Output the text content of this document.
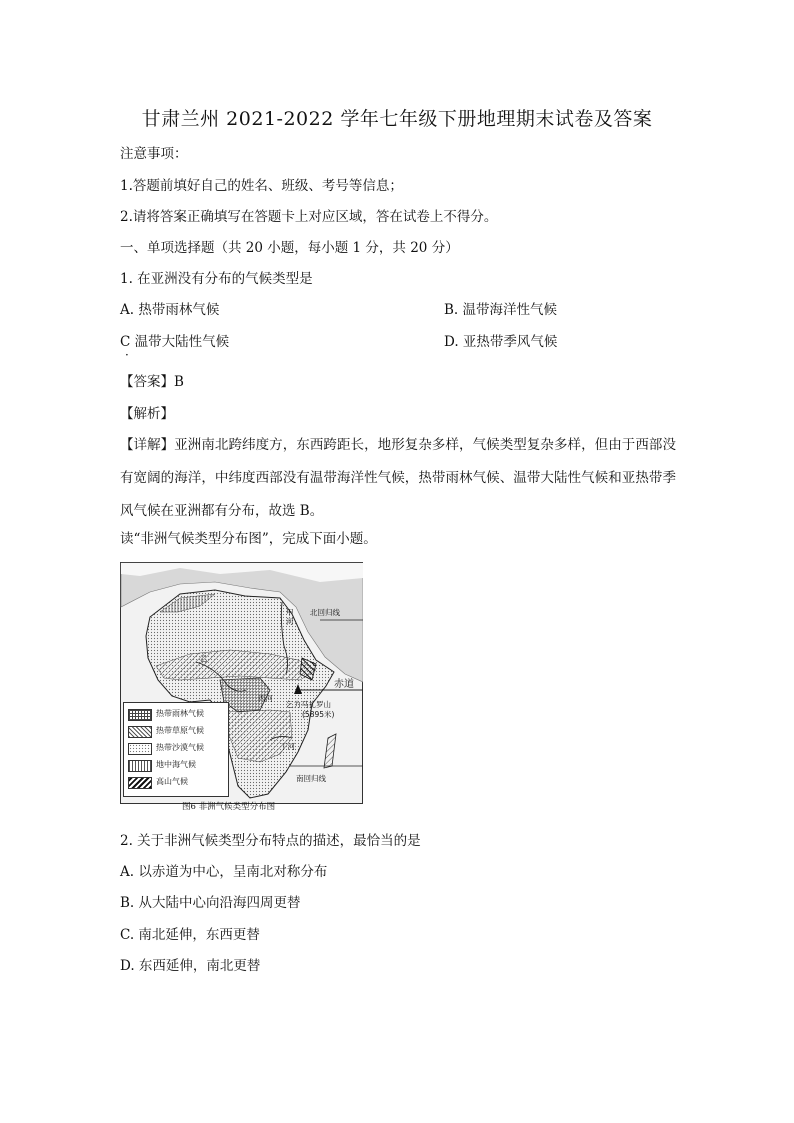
甘肃兰州 2021-2022 学年七年级下册地理期末试卷及答案
注意事项：
1.答题前填好自己的姓名、班级、考号等信息；
2.请将答案正确填写在答题卡上对应区域，答在试卷上不得分。
一、单项选择题（共 20 小题，每小题 1 分，共 20 分）
1. 在亚洲没有分布的气候类型是
A. 热带雨林气候	B. 温带海洋性气候
C 温带大陆性气候
·
D. 亚热带季风气候
【答案】B
【解析】
【详解】亚洲南北跨纬度方，东西跨距长，地形复杂多样，气候类型复杂多样，但由于西部没有宽阔的海洋，中纬度西部没有温带海洋性气候，热带雨林气候、温带大陆性气候和亚热带季风气候在亚洲都有分布，故选 B。
读“非洲气候类型分布图”，完成下面小题。
北回归线
赤道
南回归线
甲
河
乙
丙河
丁河
乞力马扎罗山
(5895米)
热带雨林气候
热带草原气候
热带沙漠气候
地中海气候
高山气候
图6 非洲气候类型分布图
2. 关于非洲气候类型分布特点的描述，最恰当的是
A. 以赤道为中心，呈南北对称分布
B. 从大陆中心向沿海四周更替
C. 南北延伸，东西更替
D. 东西延伸，南北更替
